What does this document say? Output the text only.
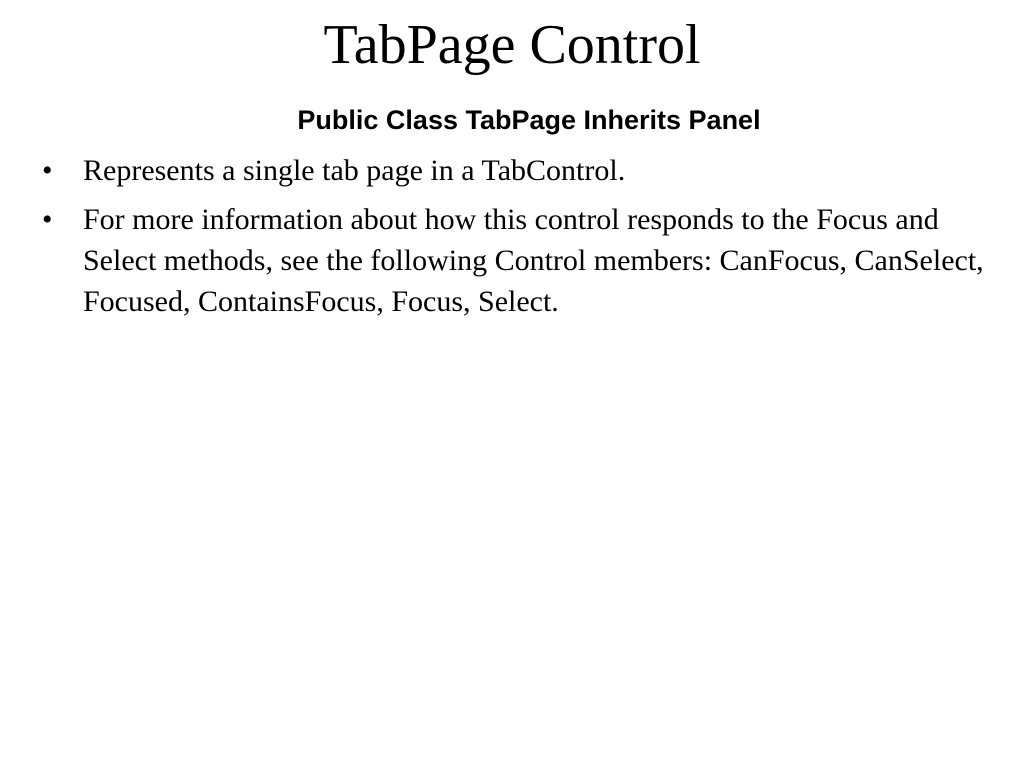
TabPage Control
Public Class TabPage Inherits Panel
•	Represents a single tab page in a TabControl.
•	For more information about how this control responds to the Focus and Select methods, see the following Control members: CanFocus, CanSelect, Focused, ContainsFocus, Focus, Select.
